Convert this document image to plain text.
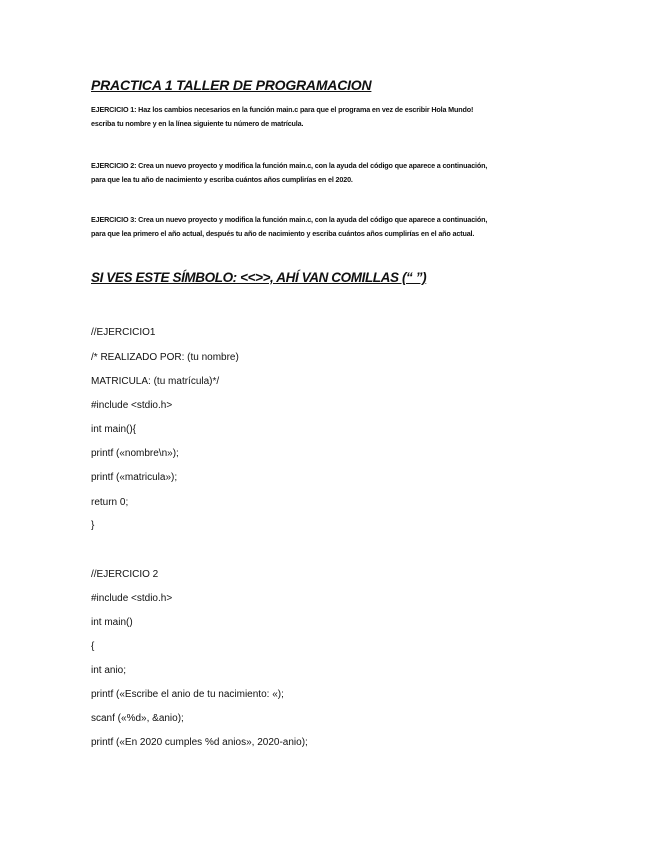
PRACTICA 1 TALLER DE PROGRAMACION
EJERCICIO 1: Haz los cambios necesarios en la función main.c para que el programa en vez de escribir Hola Mundo!
escriba tu nombre y en la línea siguiente tu número de matrícula.
EJERCICIO 2: Crea un nuevo proyecto y modifica la función main.c, con la ayuda del código que aparece a continuación,
para que lea tu año de nacimiento y escriba cuántos años cumplirías en el 2020.
EJERCICIO 3: Crea un nuevo proyecto y modifica la función main.c, con la ayuda del código que aparece a continuación,
para que lea primero el año actual, después tu año de nacimiento y escriba cuántos años cumplirías en el año actual.
SI VES ESTE SÍMBOLO: <<>>, AHÍ VAN COMILLAS (“ ”)
//EJERCICIO1
/* REALIZADO POR: (tu nombre)
MATRICULA: (tu matrícula)*/
#include <stdio.h>
int main(){
printf («nombre\n»);
printf («matricula»);
return 0;
}
//EJERCICIO 2
#include <stdio.h>
int main()
{
int anio;
printf («Escribe el anio de tu nacimiento: «);
scanf («%d», &anio);
printf («En 2020 cumples %d anios», 2020-anio);
